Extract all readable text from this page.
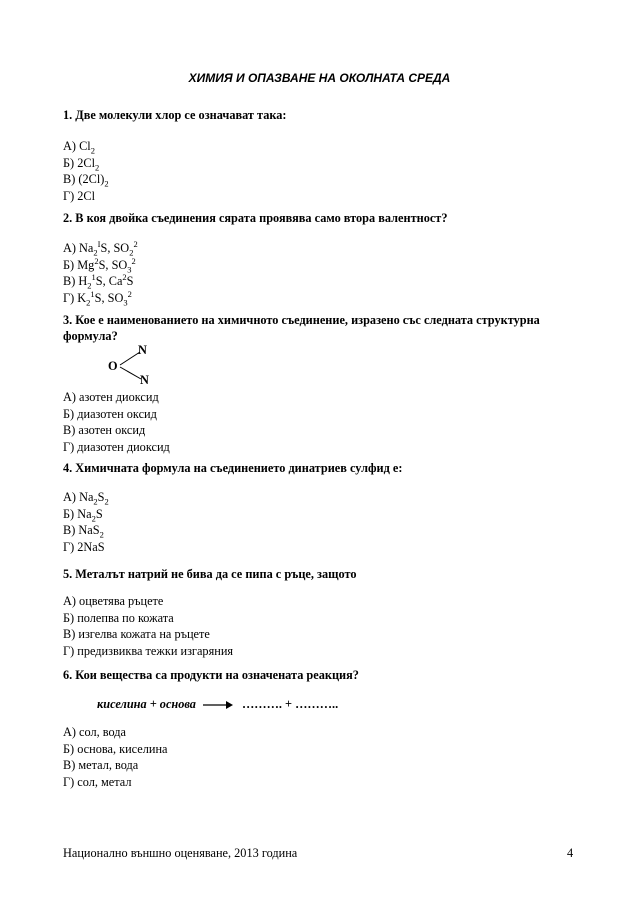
ХИМИЯ И ОПАЗВАНЕ НА ОКОЛНАТА СРЕДА
1. Две молекули хлор се означават така:
А) $Cl_2$
Б) $2Cl_2$
В) $(2Cl)_2$
Г) 2Cl
2. В коя двойка съединения сярата проявява само втора валентност?
А) $Na_2^IS$, $SO_2^2$
Б) Mg$^2$S, $SO_3^2$
В) $H_2^1S$, Ca$^2$S
Г) $K_2^1S$, $SO_3^2$
3. Кое е наименованието на химичното съединение, изразено със следната структурна формула?
N
O
N
А) азотен диоксид
Б) диазотен оксид
В) азотен оксид
Г) диазотен диоксид
4. Химичната формула на съединението динатриев сулфид е:
А) $Na_2S_2$
Б) $Na_2S$
В) NaS$_2$
Г) 2NaS
5. Металът натрий не бива да се пипа с ръце, защото
А) оцветява ръцете
Б) полепва по кожата
В) изгелва кожата на ръцете
Г) предизвиква тежки изгаряния
6. Кои вещества са продукти на означената реакция?
киселина + основа → ………. + ………..
А) сол, вода
Б) основа, киселина
В) метал, вода
Г) сол, метал
Национално външно оценяване, 2013 година	4
